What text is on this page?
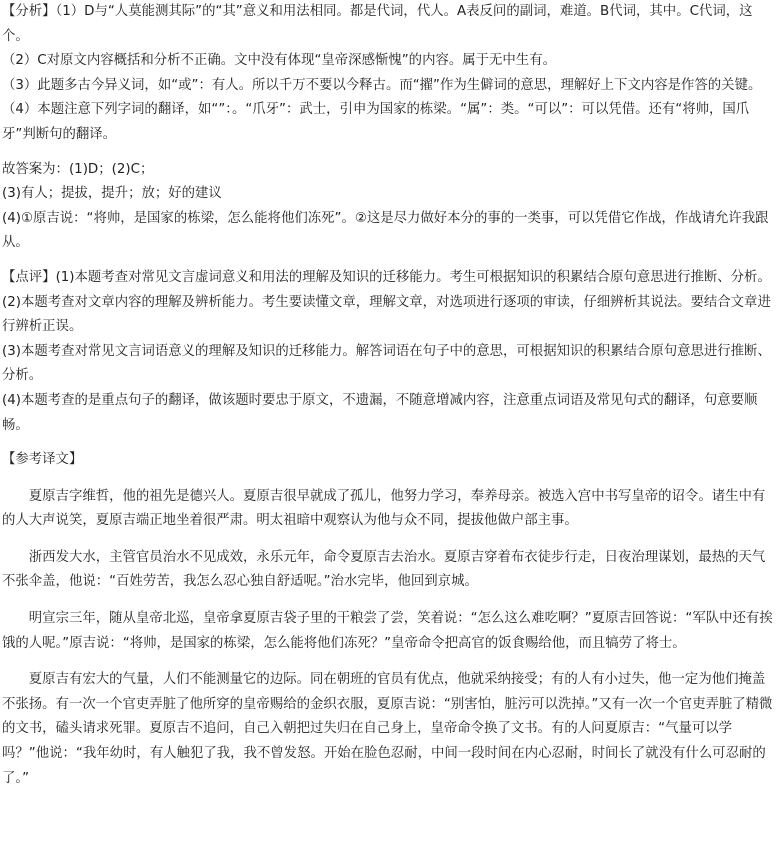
【分析】（1）D与“人莫能测其际”的“其”意义和用法相同。都是代词，代人。A表反问的副词，难道。B代词，其中。C代词，这个。

（2）C对原文内容概括和分析不正确。文中没有体现“皇帝深感惭愧”的内容。属于无中生有。

（3）此题多古今异义词，如“或”：有人。所以千万不要以今释古。而“擢”作为生僻词的意思，理解好上下文内容是作答的关键。

（4）本题注意下列字词的翻译，如“”：。“爪牙”：武士，引申为国家的栋梁。“属”：类。“可以”：可以凭借。还有“将帅，国爪牙”判断句的翻译。

故答案为：(1)D；(2)C；

(3)有人；提拔，提升；放；好的建议

(4)①原吉说：“将帅，是国家的栋梁，怎么能将他们冻死”。②这是尽力做好本分的事的一类事，可以凭借它作战，作战请允许我跟从。

【点评】(1)本题考查对常见文言虚词意义和用法的理解及知识的迁移能力。考生可根据知识的积累结合原句意思进行推断、分析。

(2)本题考查对文章内容的理解及辨析能力。考生要读懂文章，理解文章，对选项进行逐项的审读，仔细辨析其说法。要结合文章进行辨析正误。

(3)本题考查对常见文言词语意义的理解及知识的迁移能力。解答词语在句子中的意思，可根据知识的积累结合原句意思进行推断、分析。

(4)本题考查的是重点句子的翻译，做该题时要忠于原文，不遗漏，不随意增减内容，注意重点词语及常见句式的翻译，句意要顺畅。

【参考译文】

夏原吉字维哲，他的祖先是德兴人。夏原吉很早就成了孤儿，他努力学习，奉养母亲。被选入宫中书写皇帝的诏令。诸生中有的人大声说笑，夏原吉端正地坐着很严肃。明太祖暗中观察认为他与众不同，提拔他做户部主事。

浙西发大水，主管官员治水不见成效，永乐元年，命令夏原吉去治水。夏原吉穿着布衣徒步行走，日夜治理谋划，最热的天气不张伞盖，他说：“百姓劳苦，我怎么忍心独自舒适呢。”治水完毕，他回到京城。

明宣宗三年，随从皇帝北巡，皇帝拿夏原吉袋子里的干粮尝了尝，笑着说：“怎么这么难吃啊？”夏原吉回答说：“军队中还有挨饿的人呢。”原吉说：“将帅，是国家的栋梁，怎么能将他们冻死？”皇帝命令把高官的饭食赐给他，而且犒劳了将士。

夏原吉有宏大的气量，人们不能测量它的边际。同在朝班的官员有优点，他就采纳接受；有的人有小过失，他一定为他们掩盖不张扬。有一次一个官吏弄脏了他所穿的皇帝赐给的金织衣服，夏原吉说：“别害怕，脏污可以洗掉。”又有一次一个官吏弄脏了精微的文书，磕头请求死罪。夏原吉不追问，自己入朝把过失归在自己身上，皇帝命令换了文书。有的人问夏原吉：“气量可以学吗？”他说：“我年幼时，有人触犯了我，我不曾发怒。开始在脸色忍耐，中间一段时间在内心忍耐，时间长了就没有什么可忍耐的了。”
